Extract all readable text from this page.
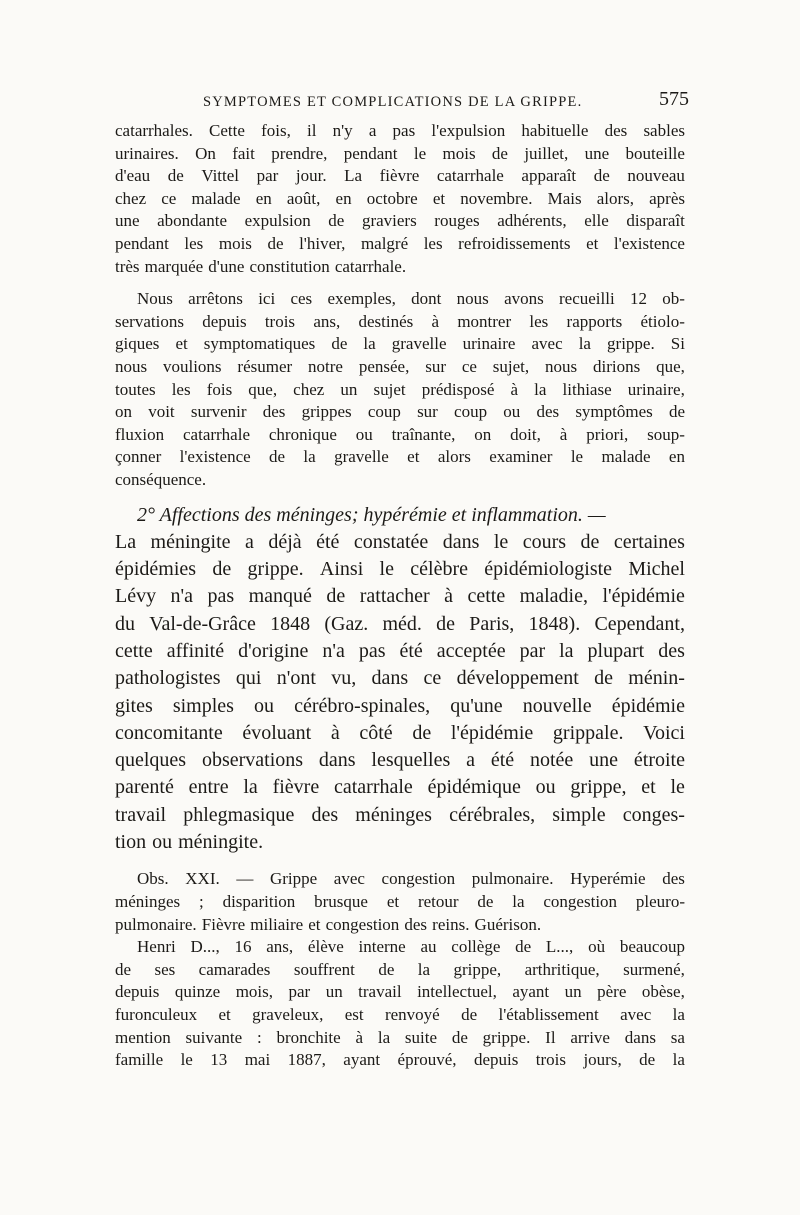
SYMPTOMES ET COMPLICATIONS DE LA GRIPPE.	575
catarrhales. Cette fois, il n'y a pas l'expulsion habituelle des sables
urinaires. On fait prendre, pendant le mois de juillet, une bouteille
d'eau de Vittel par jour. La fièvre catarrhale apparaît de nouveau
chez ce malade en août, en octobre et novembre. Mais alors, après
une abondante expulsion de graviers rouges adhérents, elle disparaît
pendant les mois de l'hiver, malgré les refroidissements et l'existence
très marquée d'une constitution catarrhale.
Nous arrêtons ici ces exemples, dont nous avons recueilli 12 ob-
servations depuis trois ans, destinés à montrer les rapports étiolo-
giques et symptomatiques de la gravelle urinaire avec la grippe. Si
nous voulions résumer notre pensée, sur ce sujet, nous dirions que,
toutes les fois que, chez un sujet prédisposé à la lithiase urinaire,
on voit survenir des grippes coup sur coup ou des symptômes de
fluxion catarrhale chronique ou traînante, on doit, à priori, soup-
çonner l'existence de la gravelle et alors examiner le malade en
conséquence.
2° Affections des méninges; hypérémie et inflammation. —
La méningite a déjà été constatée dans le cours de certaines
épidémies de grippe. Ainsi le célèbre épidémiologiste Michel
Lévy n'a pas manqué de rattacher à cette maladie, l'épidémie
du Val-de-Grâce 1848 (Gaz. méd. de Paris, 1848). Cependant,
cette affinité d'origine n'a pas été acceptée par la plupart des
pathologistes qui n'ont vu, dans ce développement de ménin-
gites simples ou cérébro-spinales, qu'une nouvelle épidémie
concomitante évoluant à côté de l'épidémie grippale. Voici
quelques observations dans lesquelles a été notée une étroite
parenté entre la fièvre catarrhale épidémique ou grippe, et le
travail phlegmasique des méninges cérébrales, simple conges-
tion ou méningite.
Obs. XXI. — Grippe avec congestion pulmonaire. Hyperémie des
méninges ; disparition brusque et retour de la congestion pleuro-
pulmonaire. Fièvre miliaire et congestion des reins. Guérison.
Henri D..., 16 ans, élève interne au collège de L..., où beaucoup
de ses camarades souffrent de la grippe, arthritique, surmené,
depuis quinze mois, par un travail intellectuel, ayant un père obèse,
furonculeux et graveleux, est renvoyé de l'établissement avec la
mention suivante : bronchite à la suite de grippe. Il arrive dans sa
famille le 13 mai 1887, ayant éprouvé, depuis trois jours, de la
